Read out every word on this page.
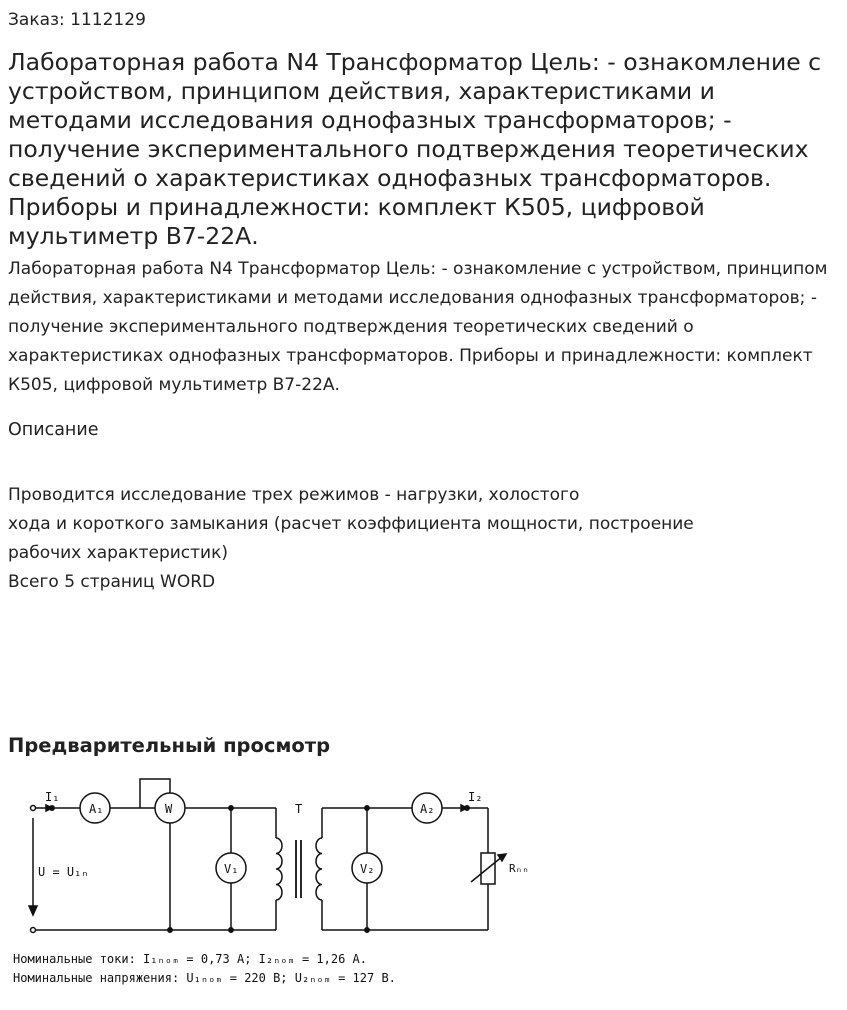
Заказ: 1112129
Лабораторная работа N4 Трансформатор Цель: - ознакомление с устройством, принципом действия, характеристиками и методами исследования однофазных трансформаторов; - получение экспериментального подтверждения теоретических сведений о характеристиках однофазных трансформаторов. Приборы и принадлежности: комплект К505, цифровой мультиметр В7-22А.
Лабораторная работа N4 Трансформатор Цель: - ознакомление с устройством, принципом действия, характеристиками и методами исследования однофазных трансформаторов; - получение экспериментального подтверждения теоретических сведений о характеристиках однофазных трансформаторов. Приборы и принадлежности: комплект К505, цифровой мультиметр В7-22А.
Описание
Проводится исследование трех режимов - нагрузки, холостого
хода и короткого замыкания (расчет коэффициента мощности, построение
рабочих характеристик)
Всего 5 страниц WORD
Предварительный просмотр
I₁
A₁	W
V₁
T
V₂
A₂
I₂
U = U₁ₙ	Rₙₙ
Номинальные токи: I₁ₙₒₘ = 0,73 А; I₂ₙₒₘ = 1,26 А.
Номинальные напряжения: U₁ₙₒₘ = 220 В; U₂ₙₒₘ = 127 В.
